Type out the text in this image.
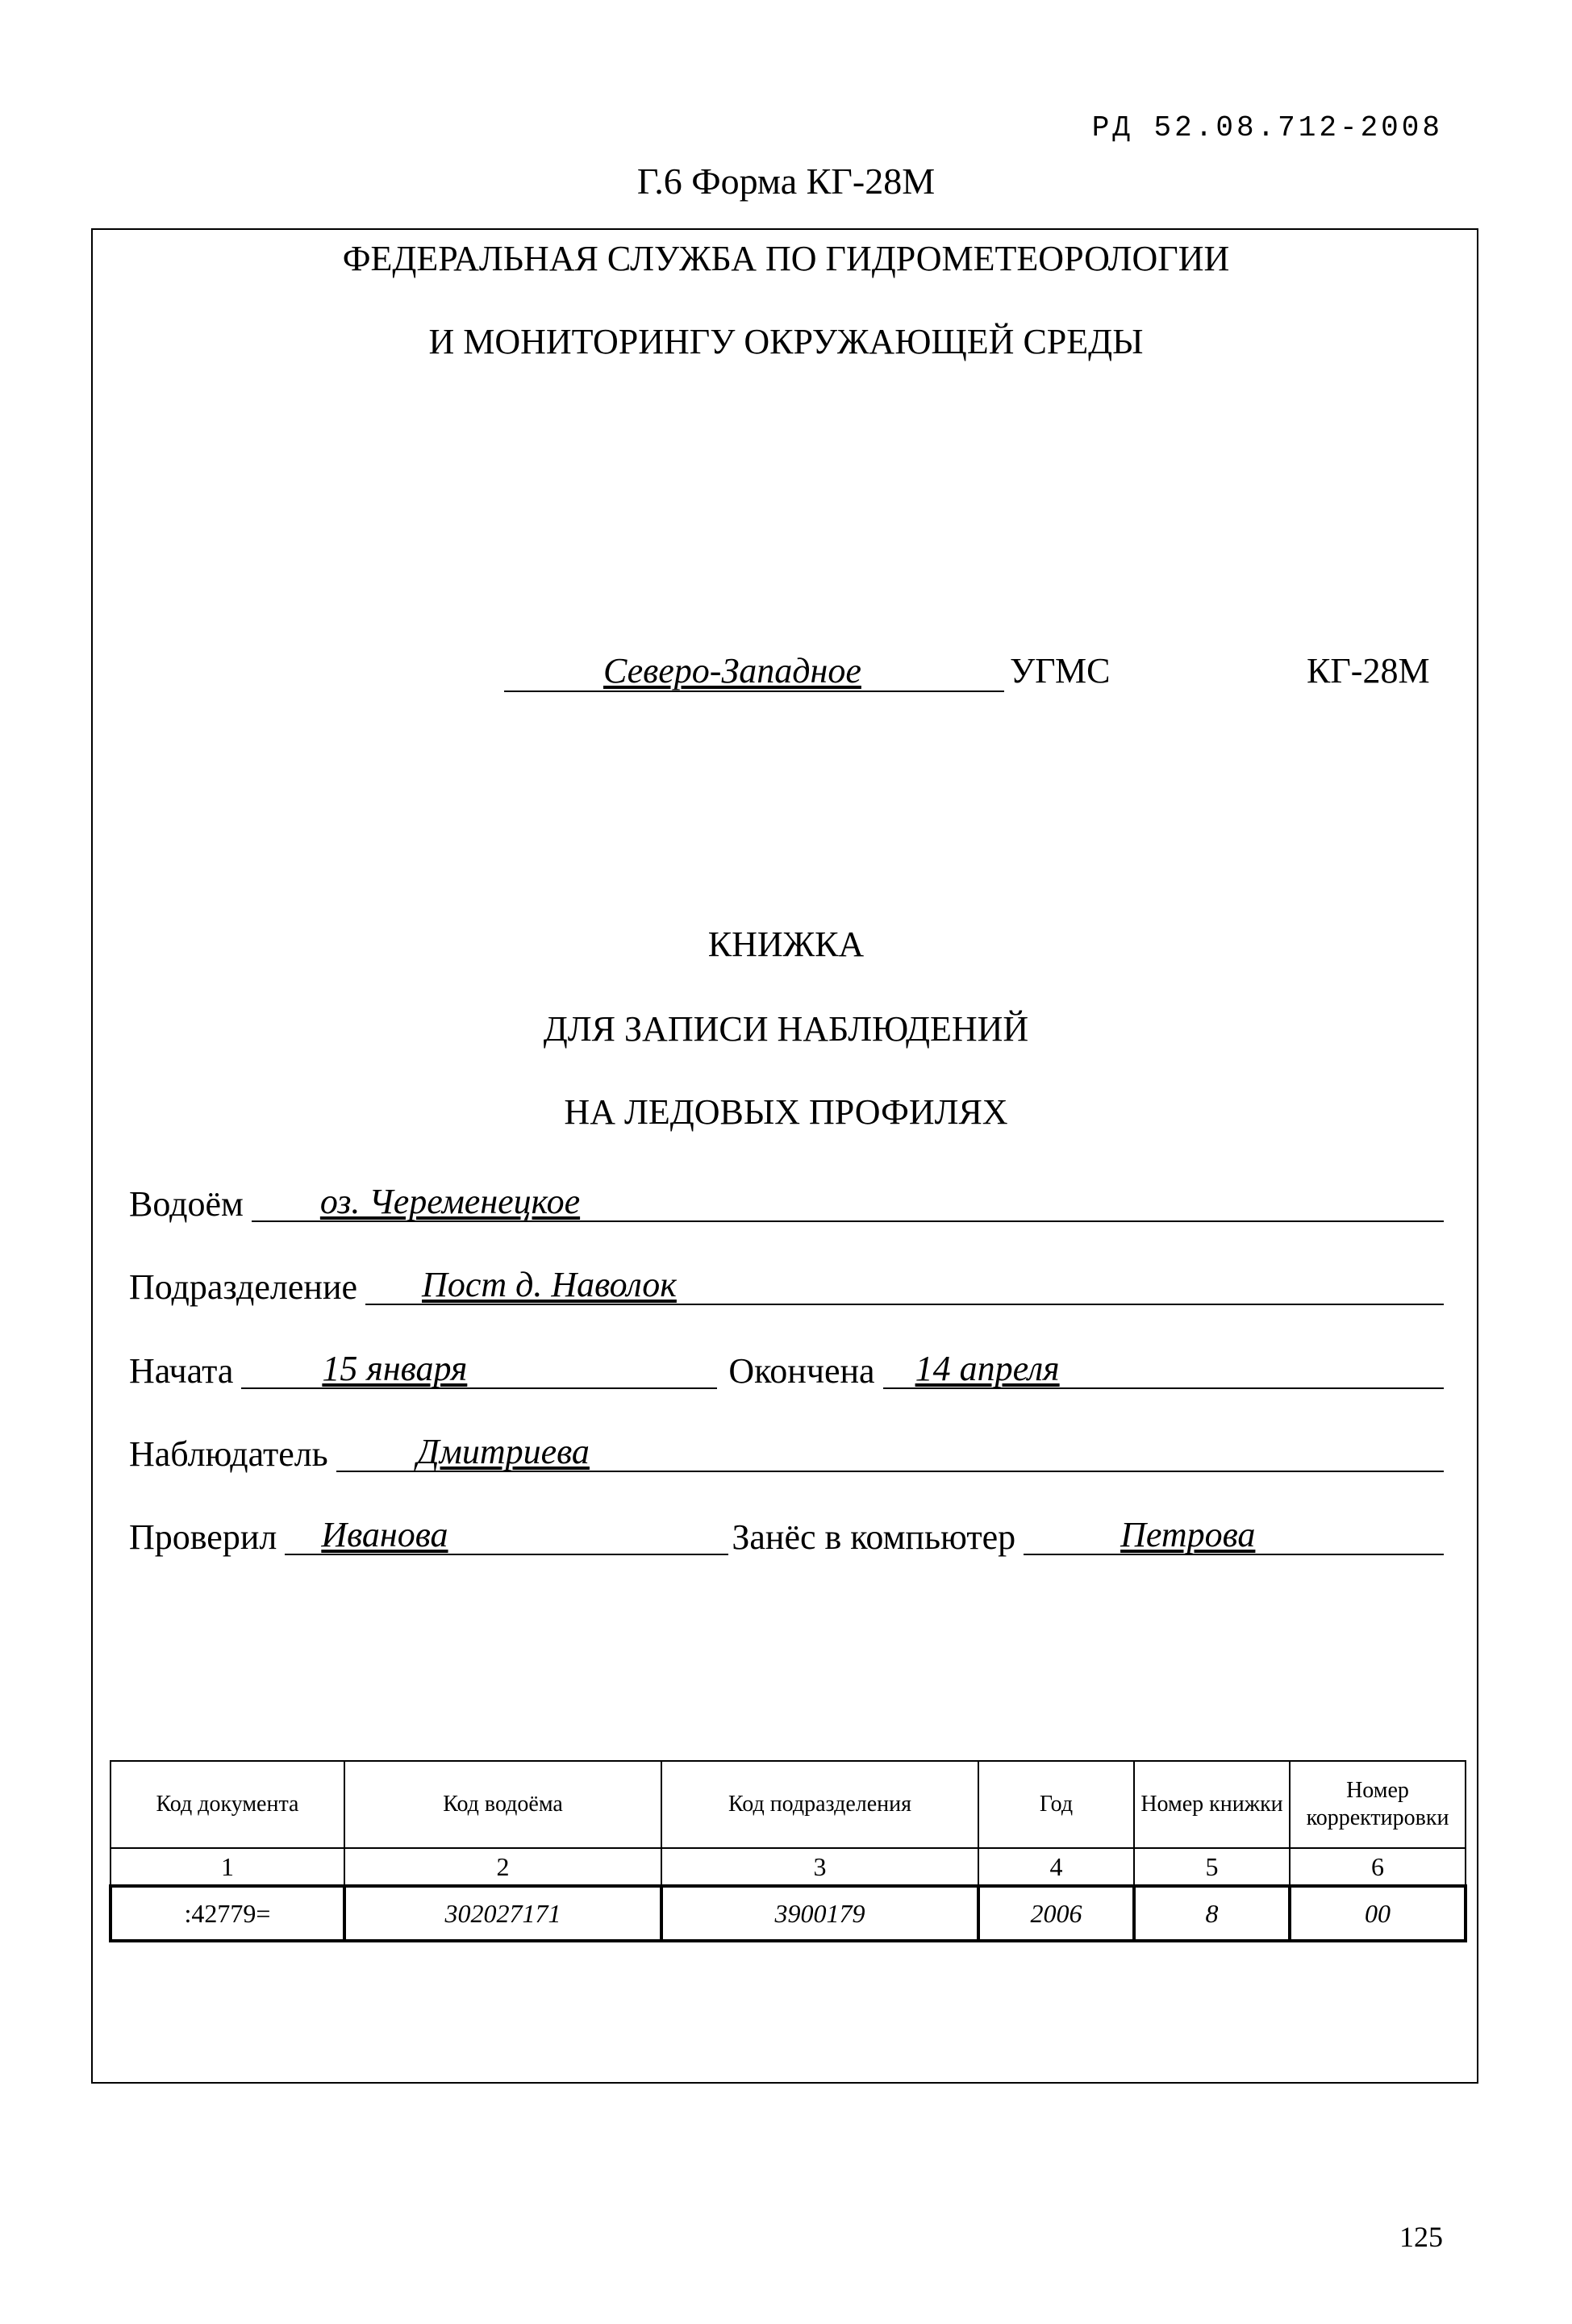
РД 52.08.712-2008
Г.6 Форма КГ-28М
ФЕДЕРАЛЬНАЯ СЛУЖБА ПО ГИДРОМЕТЕОРОЛОГИИ
И МОНИТОРИНГУ ОКРУЖАЮЩЕЙ СРЕДЫ
Северо-Западное	УГМС	КГ-28М
КНИЖКА
ДЛЯ ЗАПИСИ НАБЛЮДЕНИЙ
НА ЛЕДОВЫХ ПРОФИЛЯХ
Водоём оз. Череменецкое
Подразделение Пост д. Наволок
Начата	15 января	Окончена 14 апреля
Наблюдатель	Дмитриева
Проверил Иванова	Занёс в компьютер	Петрова
Код документа	Код водоёма	Код подразделения	Год	Номер книжки	Номер корректировки
1	2	3	4	5	6
:42779=	302027171	3900179	2006	8	00
125
